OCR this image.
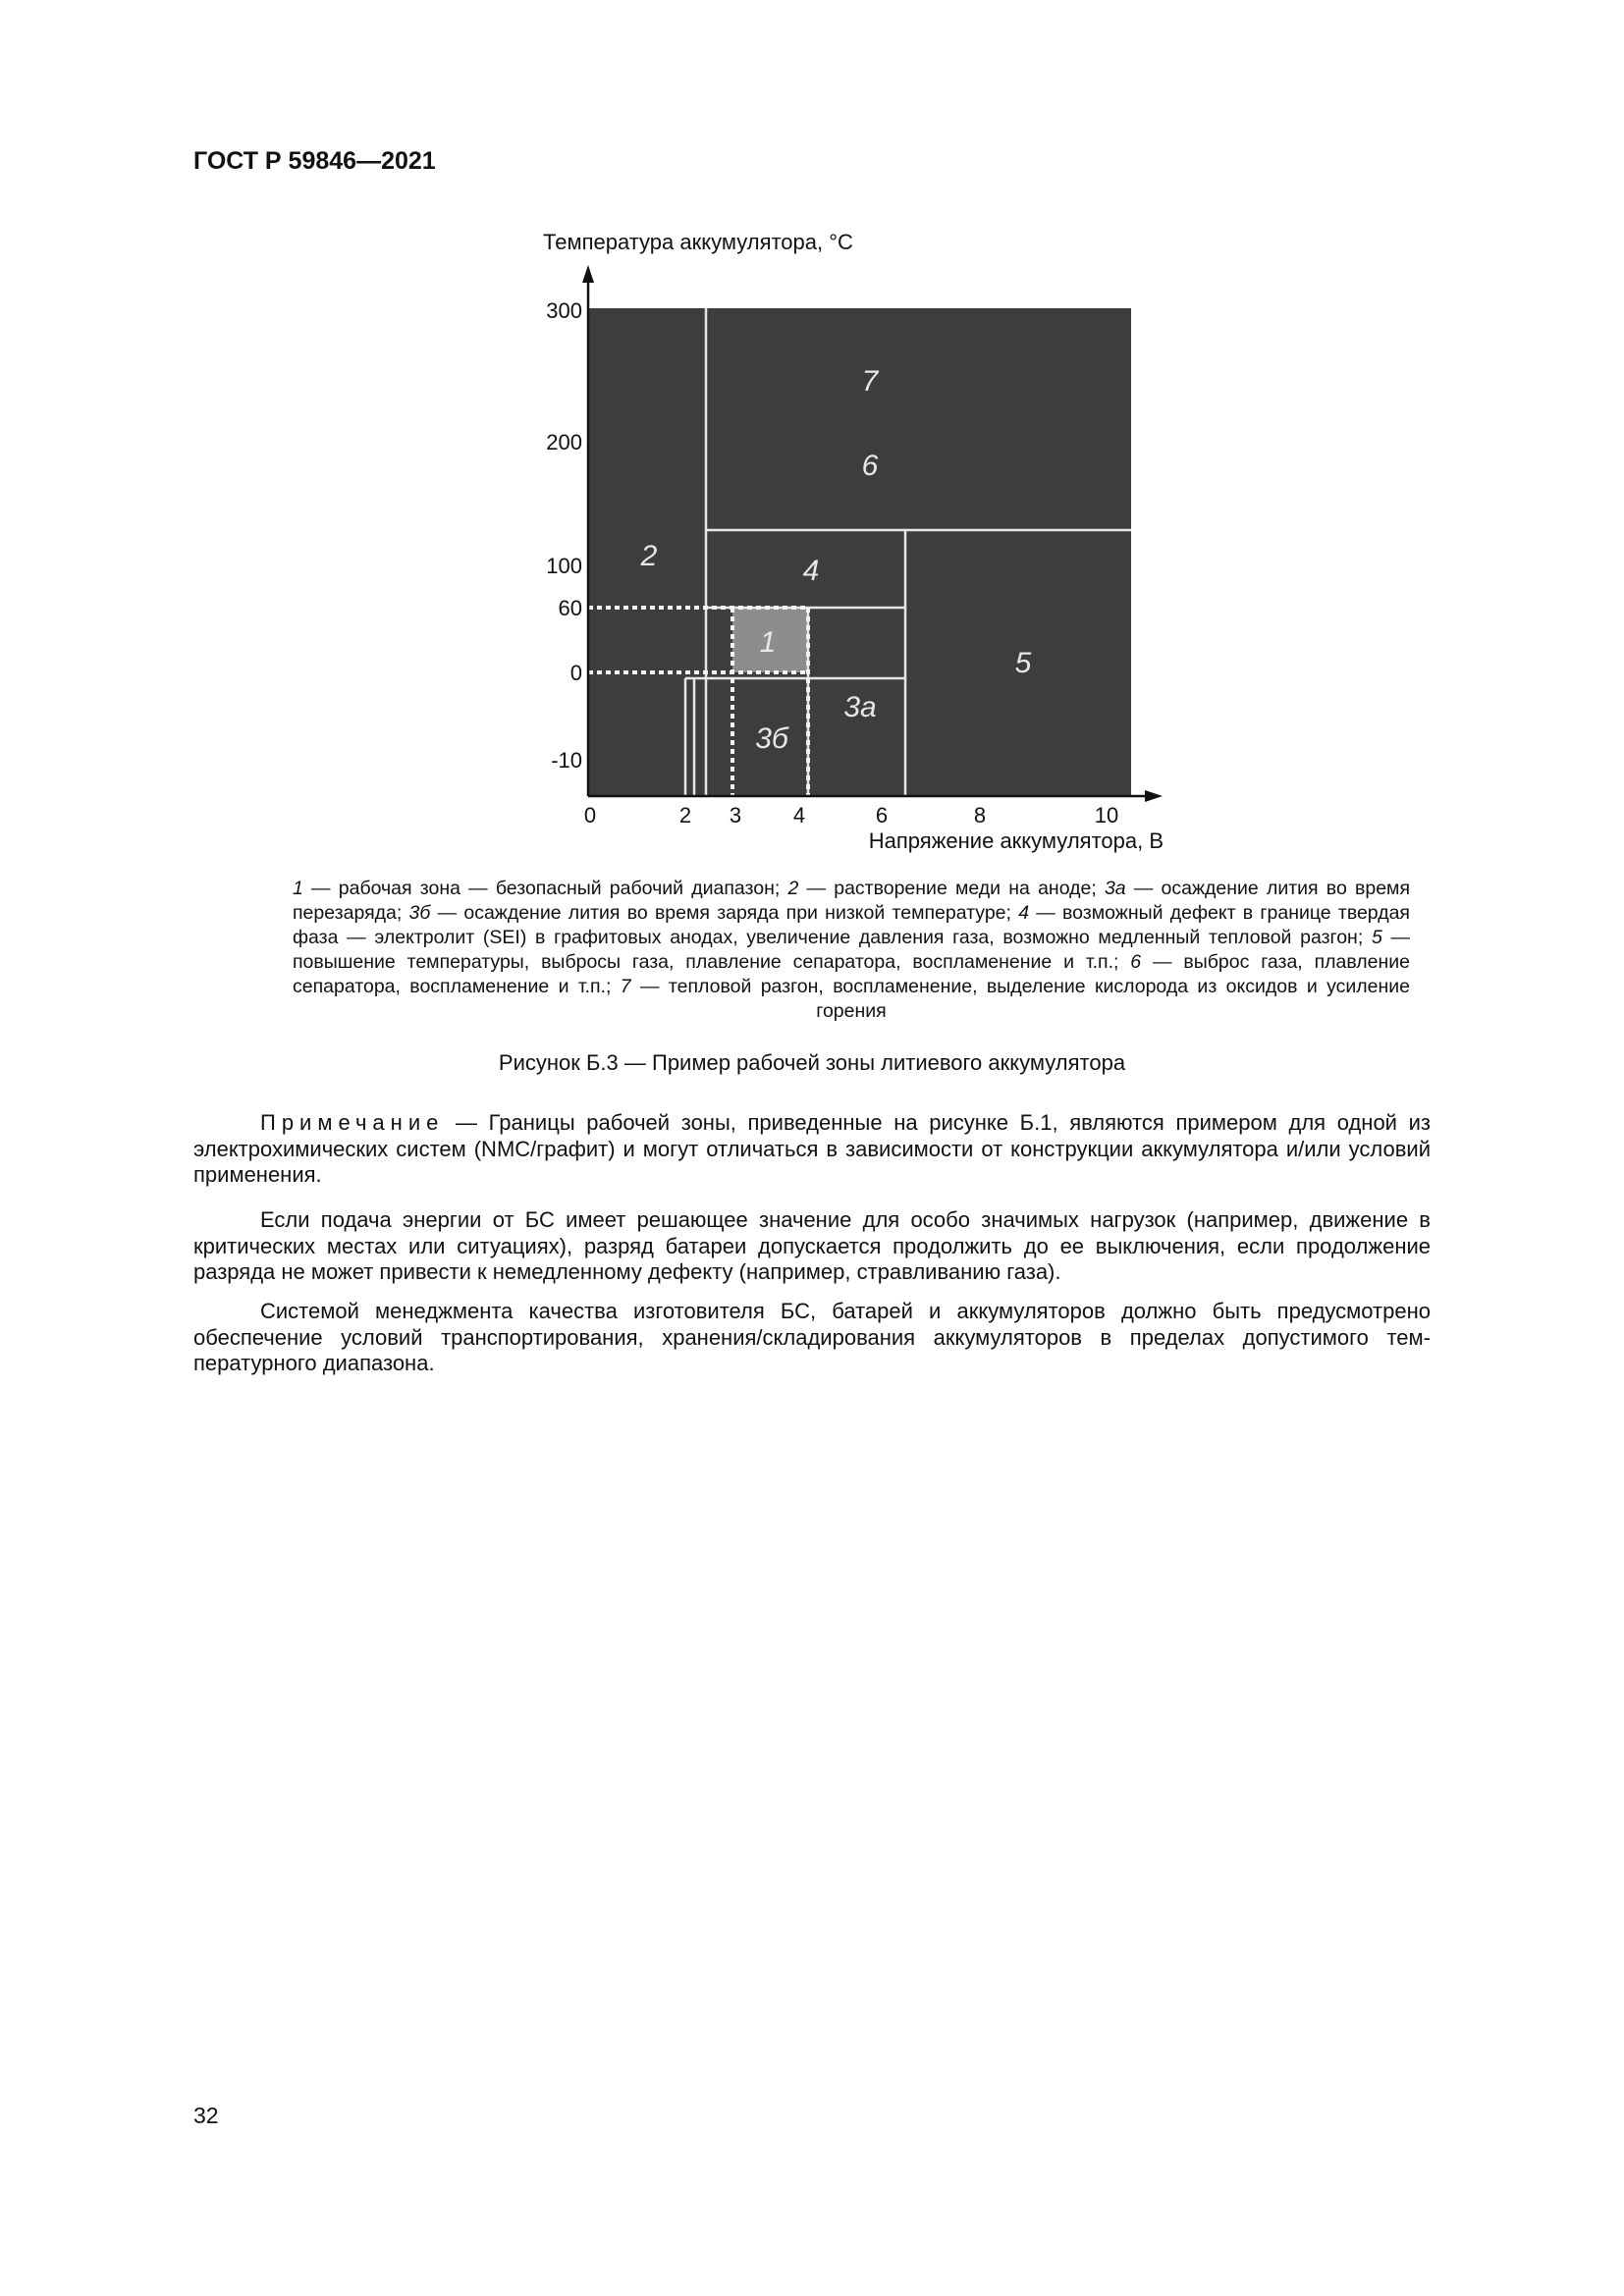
ГОСТ Р 59846—2021
Температура аккумулятора, °С
Напряжение аккумулятора, В
300
200
100
60
0
-10
0	2 3 4	6	8	10
7
6
2	4
1
5
3а
3б
1 — рабочая зона — безопасный рабочий диапазон; 2 — растворение меди на аноде; 3а — осаждение лития во время перезаряда; 3б — осаждение лития во время заряда при низкой температуре; 4 — возможный дефект в границе твердая фаза — электролит (SEI) в графитовых анодах, увеличение давления газа, возможно медленный тепловой разгон; 5 — повышение температуры, выбросы газа, плавление сепаратора, воспламенение и т.п.; 6 — выброс газа, плавление сепаратора, воспламенение и т.п.; 7 — тепловой разгон, воспламенение, выделение кислорода из оксидов и усиление горения
Рисунок Б.3 — Пример рабочей зоны литиевого аккумулятора
Примечание — Границы рабочей зоны, приведенные на рисунке Б.1, являются примером для одной из электрохимических систем (NMC/графит) и могут отличаться в зависимости от конструкции аккумулятора и/или условий применения.
Если подача энергии от БС имеет решающее значение для особо значимых нагрузок (например, движение в критических местах или ситуациях), разряд батареи допускается продолжить до ее выключения, если продолжение разряда не может привести к немедленному дефекту (например, стравливанию газа).
Системой менеджмента качества изготовителя БС, батарей и аккумуляторов должно быть предусмотрено обеспечение условий транспортирования, хранения/складирования аккумуляторов в пределах допустимого температурного диапазона.
32
